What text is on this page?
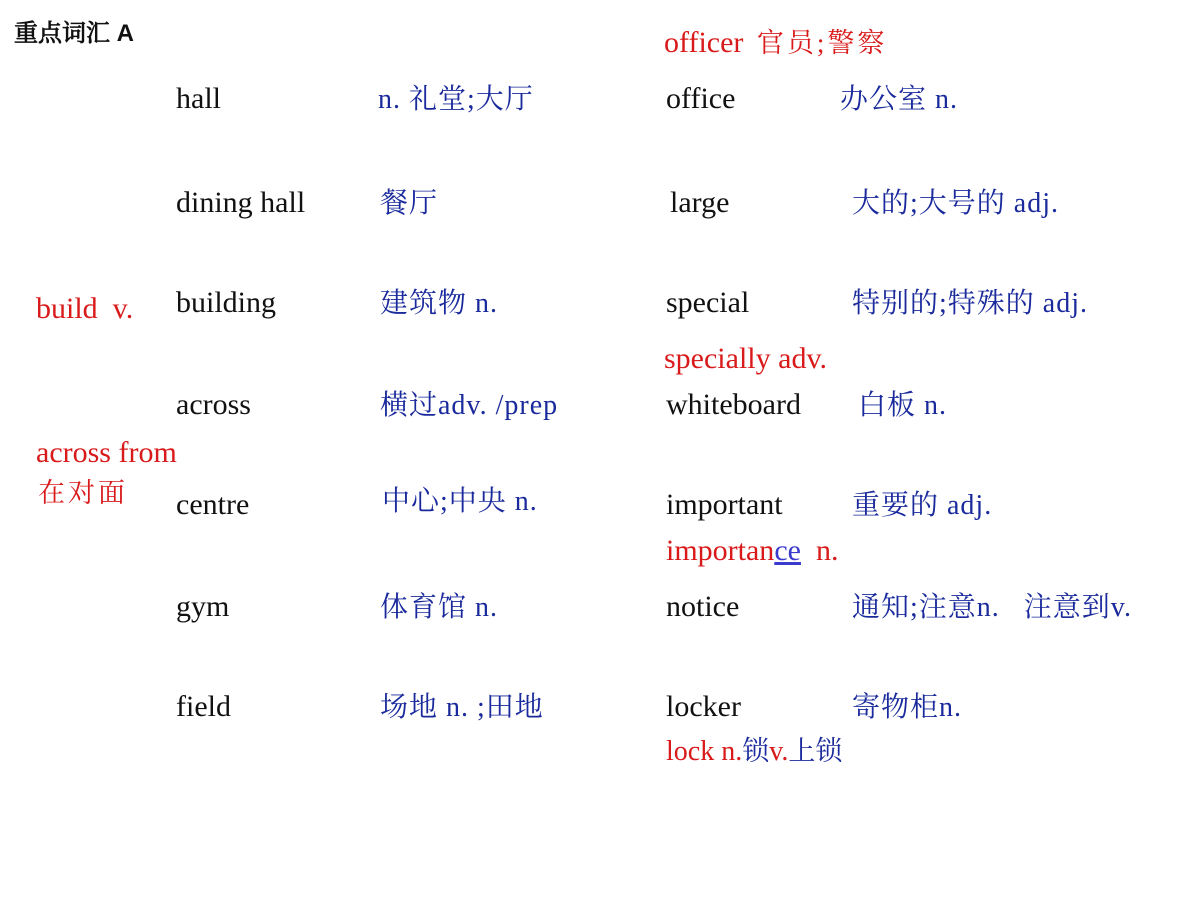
重点词汇 A
hall	n. 礼堂;大厅
dining hall	餐厅
building	建筑物 n.
across	横过adv. /prep
centre	中心;中央 n.
gym	体育馆 n.
field	场地 n. ;田地
office	办公室 n.
large	大的;大号的 adj.
special	特别的;特殊的 adj.
whiteboard 白板 n.
important 重要的 adj.
notice	通知;注意n.   注意到v.
locker	寄物柜n.
officer 官员;警察
build  v.
specially adv.
across from
在对面
importance  n.
lock n.锁v.上锁
